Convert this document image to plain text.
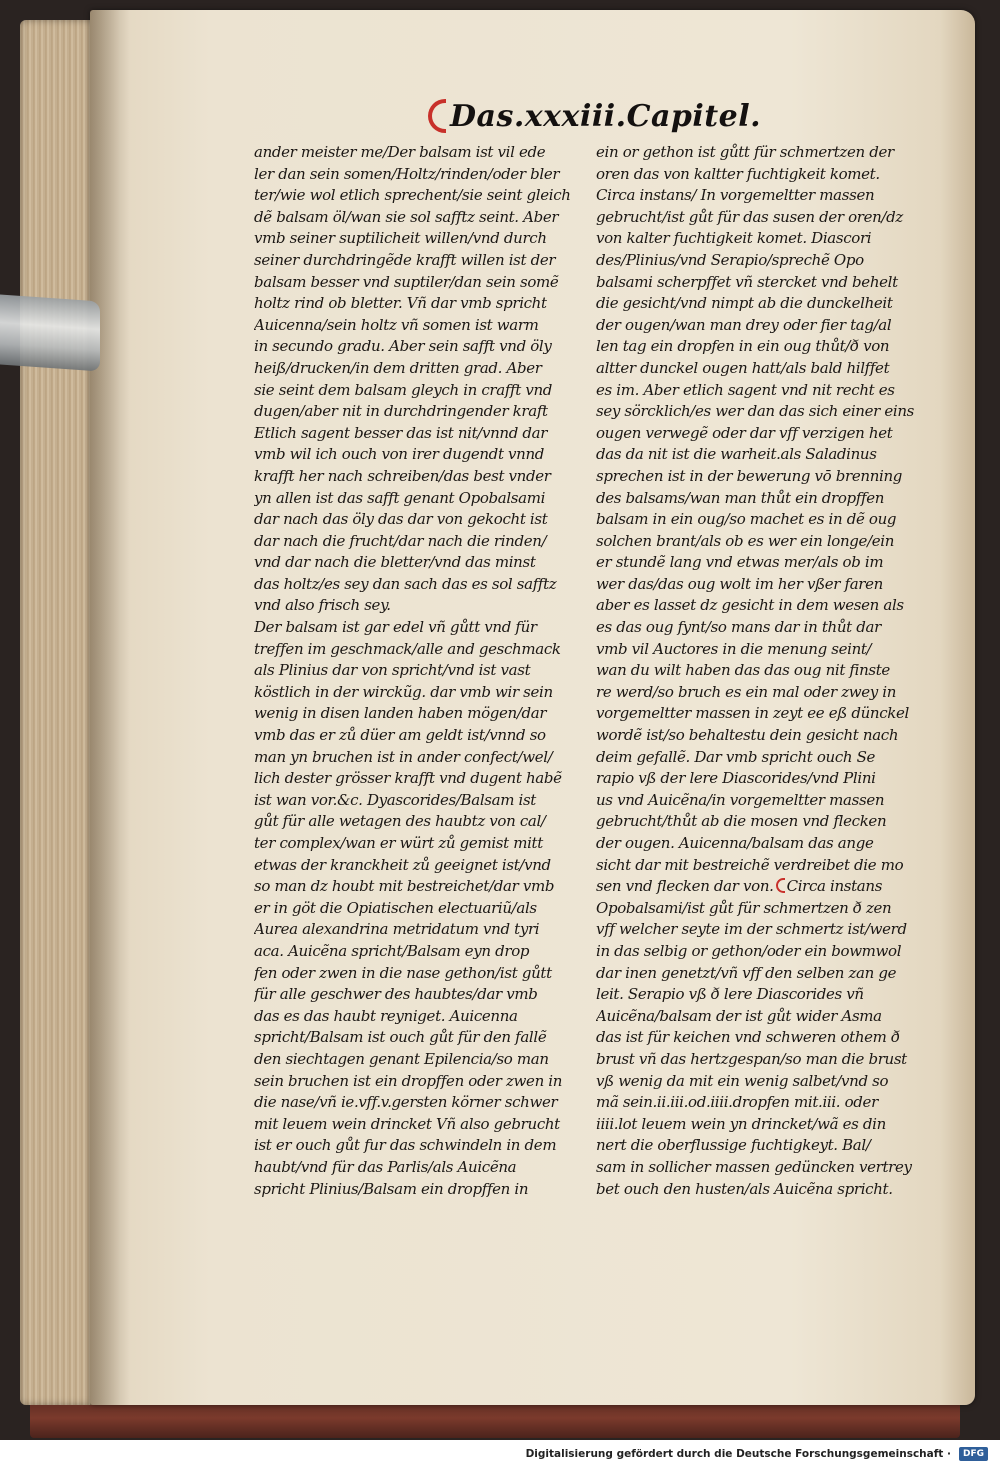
Das.xxxiii.Capitel.
ander meister me/Der balsam ist vil ede
ler dan sein somen/Holtz/rinden/oder bler
ter/wie wol etlich sprechent/sie seint gleich
dẽ balsam öl/wan sie sol safftz seint. Aber
vmb seiner suptilicheit willen/vnd durch
seiner durchdringẽde krafft willen ist der
balsam besser vnd suptiler/dan sein somẽ
holtz rind ob bletter. Vñ dar vmb spricht
Auicenna/sein holtz vñ somen ist warm
in secundo gradu. Aber sein safft vnd öly
heiß/drucken/in dem dritten grad. Aber
sie seint dem balsam gleych in crafft vnd
dugen/aber nit in durchdringender kraft
Etlich sagent besser das ist nit/vnnd dar
vmb wil ich ouch von irer dugendt vnnd
krafft her nach schreiben/das best vnder
yn allen ist das safft genant Opobalsami
dar nach das öly das dar von gekocht ist
dar nach die frucht/dar nach die rinden/
vnd dar nach die bletter/vnd das minst
das holtz/es sey dan sach das es sol safftz
vnd also frisch sey.
Der balsam ist gar edel vñ gůtt vnd für
treffen im geschmack/alle and geschmack
als Plinius dar von spricht/vnd ist vast
köstlich in der wirckũg. dar vmb wir sein
wenig in disen landen haben mögen/dar
vmb das er zů düer am geldt ist/vnnd so
man yn bruchen ist in ander confect/wel/
lich dester grösser krafft vnd dugent habẽ
ist wan vor.&c. Dyascorides/Balsam ist
gůt für alle wetagen des haubtz von cal/
ter complex/wan er würt zů gemist mitt
etwas der kranckheit zů geeignet ist/vnd
so man dz houbt mit bestreichet/dar vmb
er in göt die Opiatischen electuariũ/als
Aurea alexandrina metridatum vnd tyri
aca. Auicẽna spricht/Balsam eyn drop
fen oder zwen in die nase gethon/ist gůtt
für alle geschwer des haubtes/dar vmb
das es das haubt reyniget. Auicenna
spricht/Balsam ist ouch gůt für den fallẽ
den siechtagen genant Epilencia/so man
sein bruchen ist ein dropffen oder zwen in
die nase/vñ ie.vff.v.gersten körner schwer
mit leuem wein drincket Vñ also gebrucht
ist er ouch gůt fur das schwindeln in dem
haubt/vnd für das Parlis/als Auicẽna
spricht Plinius/Balsam ein dropffen in
ein or gethon ist gůtt für schmertzen der
oren das von kaltter fuchtigkeit komet.
Circa instans/ In vorgemeltter massen
gebrucht/ist gůt für das susen der oren/dz
von kalter fuchtigkeit komet. Diascori
des/Plinius/vnd Serapio/sprechẽ Opo
balsami scherpffet vñ stercket vnd behelt
die gesicht/vnd nimpt ab die dunckelheit
der ougen/wan man drey oder fier tag/al
len tag ein dropfen in ein oug thůt/ð von
altter dunckel ougen hatt/als bald hilffet
es im. Aber etlich sagent vnd nit recht es
sey sörcklich/es wer dan das sich einer eins
ougen verwegẽ oder dar vff verzigen het
das da nit ist die warheit.als Saladinus
sprechen ist in der bewerung vō brenning
des balsams/wan man thůt ein dropffen
balsam in ein oug/so machet es in dẽ oug
solchen brant/als ob es wer ein longe/ein
er stundẽ lang vnd etwas mer/als ob im
wer das/das oug wolt im her vßer faren
aber es lasset dz gesicht in dem wesen als
es das oug fynt/so mans dar in thůt dar
vmb vil Auctores in die menung seint/
wan du wilt haben das das oug nit finste
re werd/so bruch es ein mal oder zwey in
vorgemeltter massen in zeyt ee eß dünckel
wordẽ ist/so behaltestu dein gesicht nach
deim gefallẽ. Dar vmb spricht ouch Se
rapio vß der lere Diascorides/vnd Plini
us vnd Auicẽna/in vorgemeltter massen
gebrucht/thůt ab die mosen vnd flecken
der ougen. Auicenna/balsam das ange
sicht dar mit bestreichẽ verdreibet die mo
sen vnd flecken dar von. Circa instans
Opobalsami/ist gůt für schmertzen ð zen
vff welcher seyte im der schmertz ist/werd
in das selbig or gethon/oder ein bowmwol
dar inen genetzt/vñ vff den selben zan ge
leit. Serapio vß ð lere Diascorides vñ
Auicẽna/balsam der ist gůt wider Asma
das ist für keichen vnd schweren othem ð
brust vñ das hertzgespan/so man die brust
vß wenig da mit ein wenig salbet/vnd so
mã sein.ii.iii.od.iiii.dropfen mit.iii. oder
iiii.lot leuem wein yn drincket/wã es din
nert die oberflussige fuchtigkeyt. Bal/
sam in sollicher massen gedüncken vertrey
bet ouch den husten/als Auicẽna spricht.
Digitalisierung gefördert durch die Deutsche Forschungsgemeinschaft ·	DFG
